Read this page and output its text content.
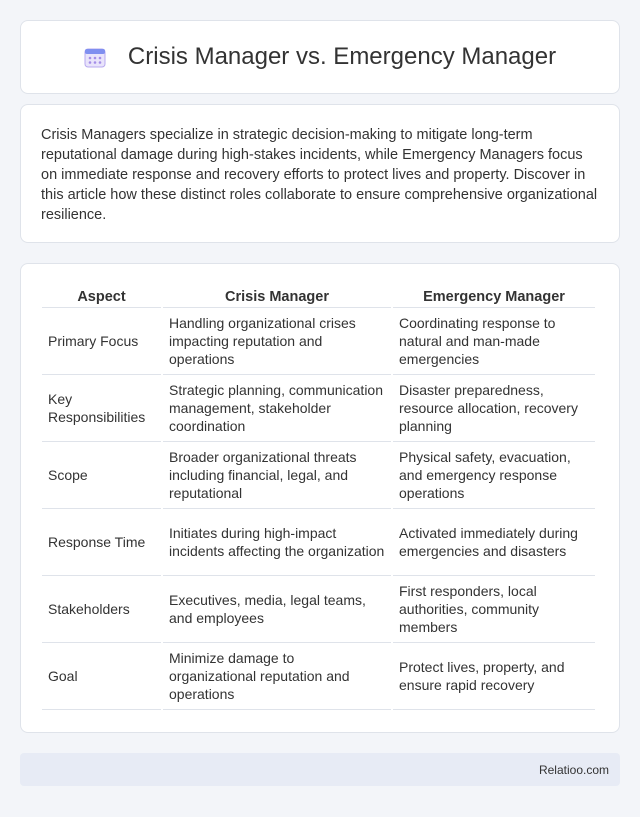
Crisis Manager vs. Emergency Manager

Crisis Managers specialize in strategic decision-making to mitigate long-term reputational damage during high-stakes incidents, while Emergency Managers focus on immediate response and recovery efforts to protect lives and property. Discover in this article how these distinct roles collaborate to ensure comprehensive organizational resilience.

Aspect	Crisis Manager	Emergency Manager
Primary Focus	Handling organizational crises impacting reputation and operations	Coordinating response to natural and man-made emergencies
Key Responsibilities	Strategic planning, communication management, stakeholder coordination	Disaster preparedness, resource allocation, recovery planning
Scope	Broader organizational threats including financial, legal, and reputational	Physical safety, evacuation, and emergency response operations
Response Time	Initiates during high-impact incidents affecting the organization	Activated immediately during emergencies and disasters
Stakeholders	Executives, media, legal teams, and employees	First responders, local authorities, community members
Goal	Minimize damage to organizational reputation and operations	Protect lives, property, and ensure rapid recovery
Relatioo.com
